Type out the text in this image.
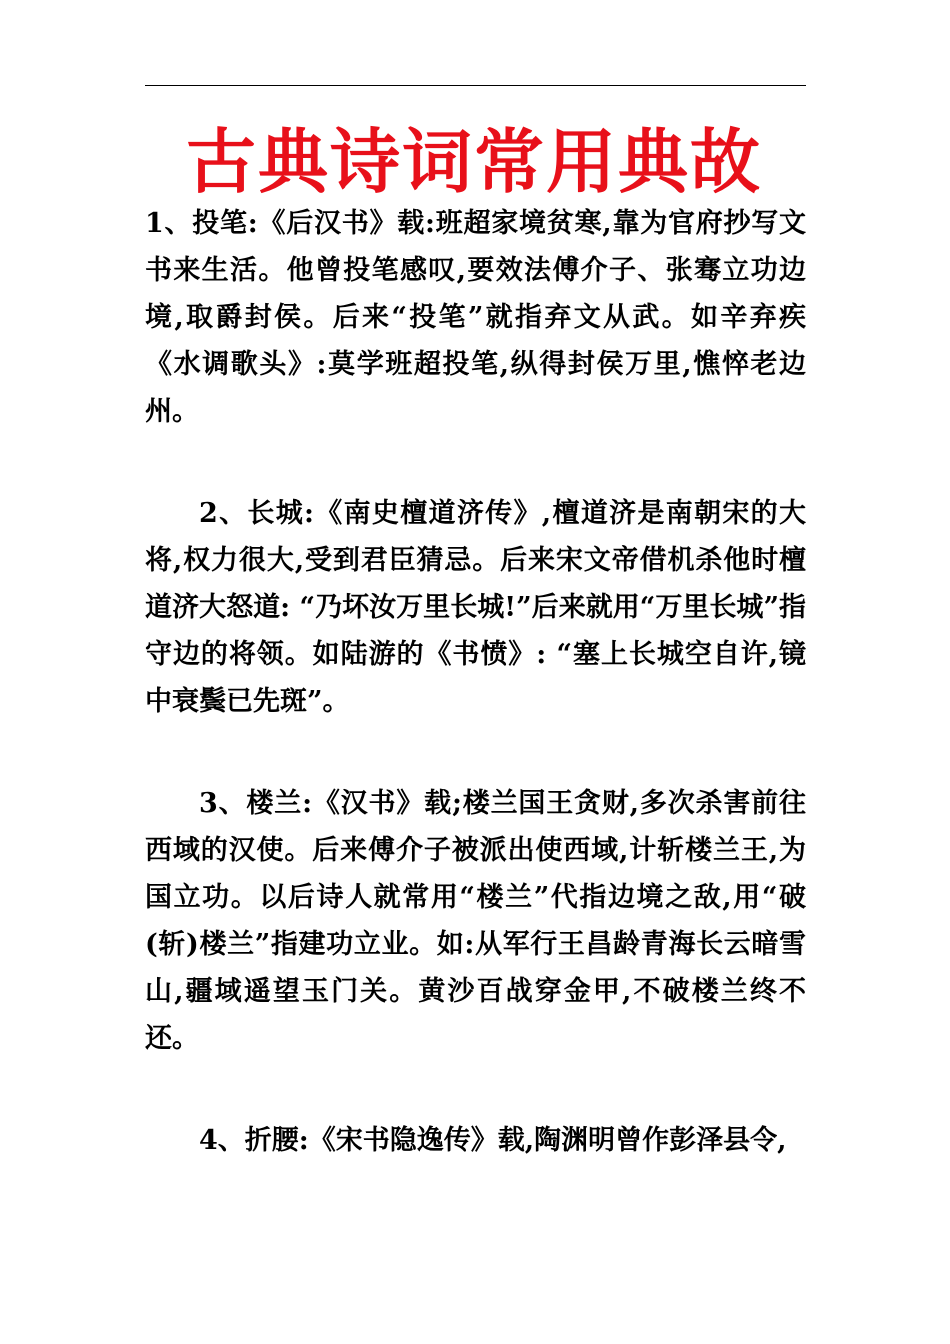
古典诗词常用典故

1、投笔:《后汉书》载:班超家境贫寒,靠为官府抄写文书来生活。他曾投笔感叹,要效法傅介子、张骞立功边境,取爵封侯。后来“投笔”就指弃文从武。如辛弃疾《水调歌头》:莫学班超投笔,纵得封侯万里,憔悴老边州。

2、长城:《南史檀道济传》,檀道济是南朝宋的大将,权力很大,受到君臣猜忌。后来宋文帝借机杀他时檀道济大怒道: “乃坏汝万里长城!”后来就用“万里长城”指守边的将领。如陆游的《书愤》: “塞上长城空自许,镜中衰鬓已先斑”。

3、楼兰:《汉书》载;楼兰国王贪财,多次杀害前往西域的汉使。后来傅介子被派出使西域,计斩楼兰王,为国立功。以后诗人就常用“楼兰”代指边境之敌,用“破(斩)楼兰”指建功立业。如:从军行王昌龄青海长云暗雪山,疆域遥望玉门关。黄沙百战穿金甲,不破楼兰终不还。

4、折腰:《宋书隐逸传》载,陶渊明曾作彭泽县令,
